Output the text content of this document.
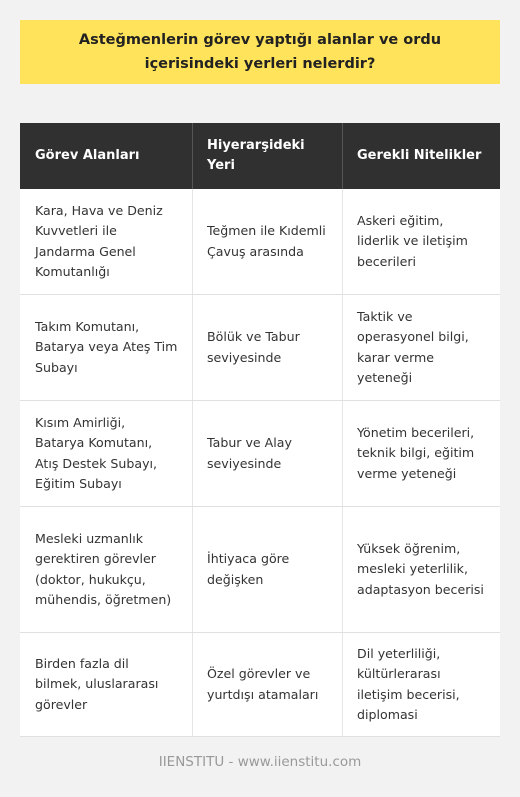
Asteğmenlerin görev yaptığı alanlar ve ordu içerisindeki yerleri nelerdir?
Görev Alanları
Hiyerarşideki Yeri
Gerekli Nitelikler
Kara, Hava ve Deniz Kuvvetleri ile Jandarma Genel Komutanlığı
Teğmen ile Kıdemli Çavuş arasında
Askeri eğitim, liderlik ve iletişim becerileri
Takım Komutanı, Batarya veya Ateş Tim Subayı
Bölük ve Tabur seviyesinde
Taktik ve operasyonel bilgi, karar verme yeteneği
Kısım Amirliği, Batarya Komutanı, Atış Destek Subayı, Eğitim Subayı
Tabur ve Alay seviyesinde
Yönetim becerileri, teknik bilgi, eğitim verme yeteneği
Mesleki uzmanlık gerektiren görevler (doktor, hukukçu, mühendis, öğretmen)
İhtiyaca göre değişken
Yüksek öğrenim, mesleki yeterlilik, adaptasyon becerisi
Birden fazla dil bilmek, uluslararası görevler
Özel görevler ve yurtdışı atamaları
Dil yeterliliği, kültürlerarası iletişim becerisi, diplomasi
IIENSTITU - www.iienstitu.com
